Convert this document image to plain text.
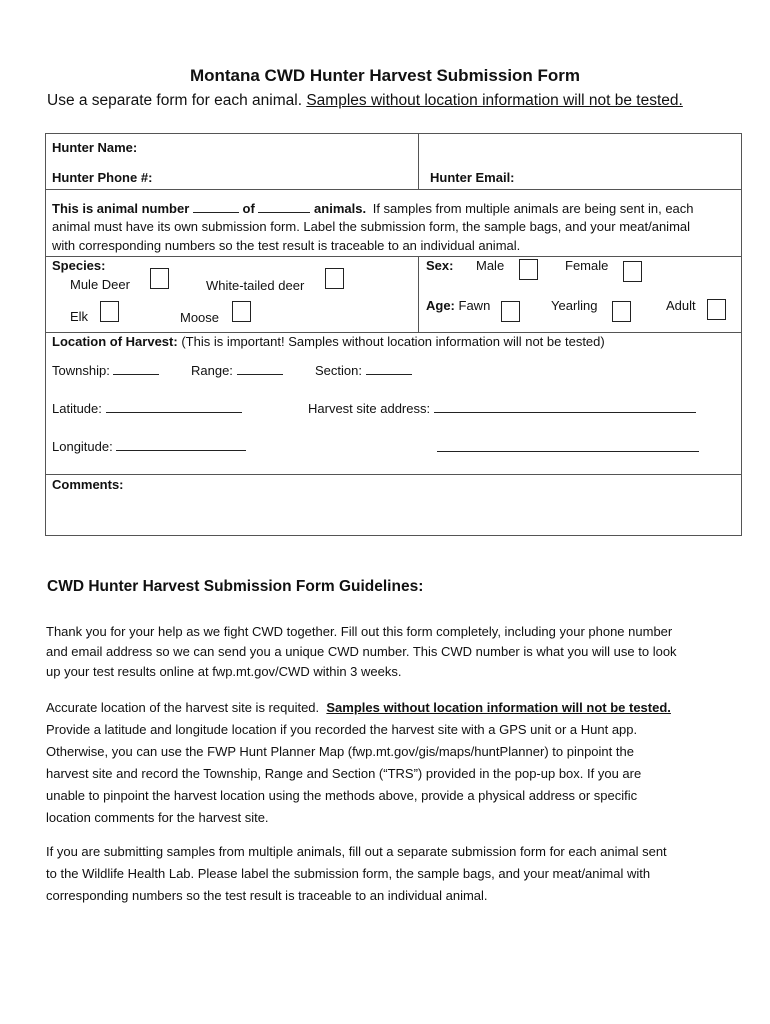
Montana CWD Hunter Harvest Submission Form
Use a separate form for each animal. Samples without location information will not be tested.
Hunter Name:
Hunter Phone #:	Hunter Email:
This is animal number	of	animals. If samples from multiple animals are being sent in, each
animal must have its own submission form. Label the submission form, the sample bags, and your meat/animal
with corresponding numbers so the test result is traceable to an individual animal.
Species:
Mule Deer	White-tailed deer
Elk	Moose
Sex: Male	Female
Age: Fawn	Yearling	Adult
Location of Harvest: (This is important! Samples without location information will not be tested)
Township:	Range:	Section:
Latitude:	Harvest site address:
Longitude:
Comments:
CWD Hunter Harvest Submission Form Guidelines:
Thank you for your help as we fight CWD together. Fill out this form completely, including your phone number
and email address so we can send you a unique CWD number. This CWD number is what you will use to look
up your test results online at fwp.mt.gov/CWD within 3 weeks.
Accurate location of the harvest site is requited.  Samples without location information will not be tested.
Provide a latitude and longitude location if you recorded the harvest site with a GPS unit or a Hunt app.
Otherwise, you can use the FWP Hunt Planner Map (fwp.mt.gov/gis/maps/huntPlanner) to pinpoint the
harvest site and record the Township, Range and Section (“TRS”) provided in the pop-up box. If you are
unable to pinpoint the harvest location using the methods above, provide a physical address or specific
location comments for the harvest site.
If you are submitting samples from multiple animals, fill out a separate submission form for each animal sent
to the Wildlife Health Lab. Please label the submission form, the sample bags, and your meat/animal with
corresponding numbers so the test result is traceable to an individual animal.
